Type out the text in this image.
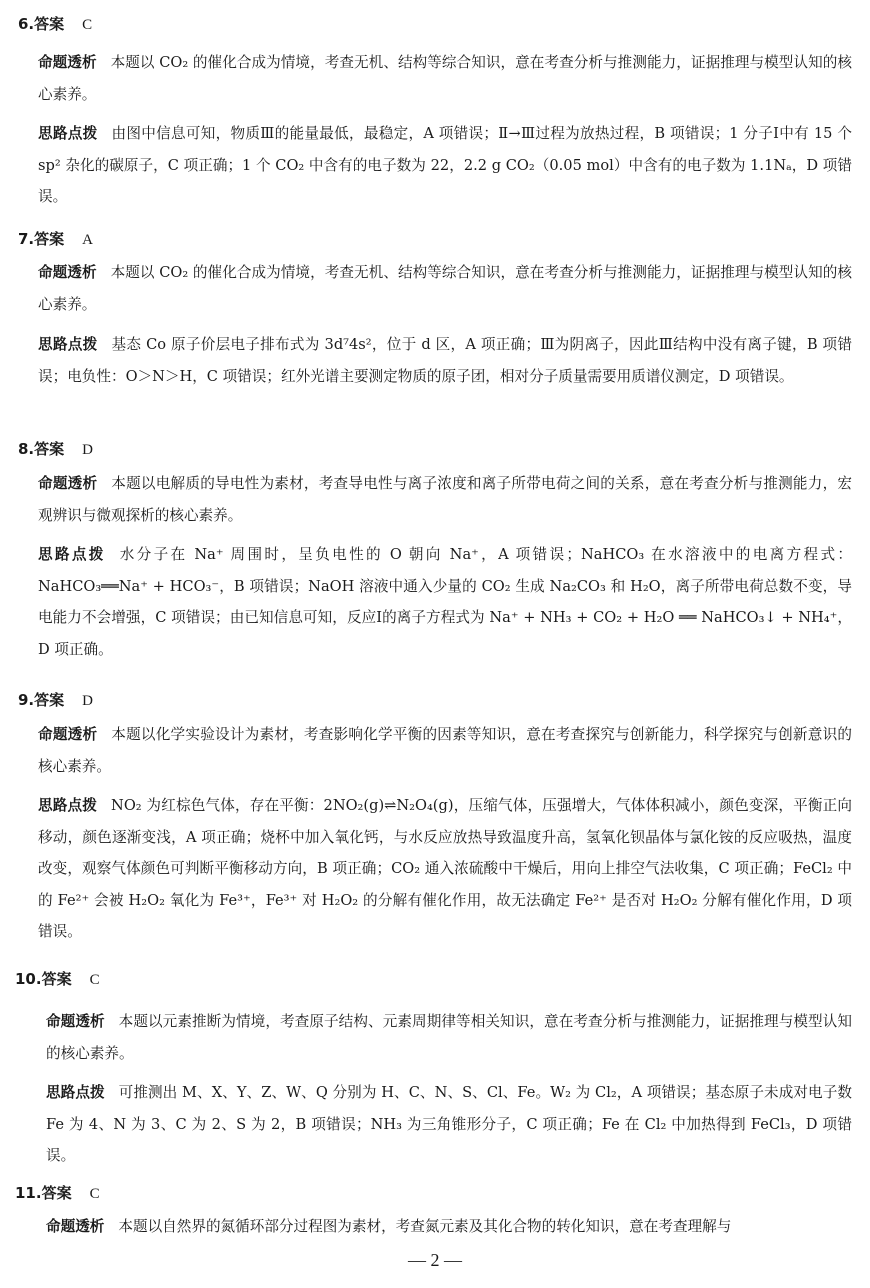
6.答案 C

命题透析 本题以 CO₂ 的催化合成为情境，考查无机、结构等综合知识，意在考查分析与推测能力，证据推理与模型认知的核心素养。

思路点拨 由图中信息可知，物质Ⅲ的能量最低，最稳定，A 项错误；Ⅱ→Ⅲ过程为放热过程，B 项错误；1 分子Ⅰ中有 15 个 sp² 杂化的碳原子，C 项正确；1 个 CO₂ 中含有的电子数为 22，2.2 g CO₂（0.05 mol）中含有的电子数为 1.1Nₐ，D 项错误。

7.答案 A

命题透析 本题以 CO₂ 的催化合成为情境，考查无机、结构等综合知识，意在考查分析与推测能力，证据推理与模型认知的核心素养。

思路点拨 基态 Co 原子价层电子排布式为 3d⁷4s²，位于 d 区，A 项正确；Ⅲ为阴离子，因此Ⅲ结构中没有离子键，B 项错误；电负性：O＞N＞H，C 项错误；红外光谱主要测定物质的原子团，相对分子质量需要用质谱仪测定，D 项错误。

8.答案 D

命题透析 本题以电解质的导电性为素材，考查导电性与离子浓度和离子所带电荷之间的关系，意在考查分析与推测能力，宏观辨识与微观探析的核心素养。

思路点拨 水分子在 Na⁺ 周围时，呈负电性的 O 朝向 Na⁺，A 项错误；NaHCO₃ 在水溶液中的电离方程式：NaHCO₃══Na⁺ + HCO₃⁻，B 项错误；NaOH 溶液中通入少量的 CO₂ 生成 Na₂CO₃ 和 H₂O，离子所带电荷总数不变，导电能力不会增强，C 项错误；由已知信息可知，反应Ⅰ的离子方程式为 Na⁺ + NH₃ + CO₂ + H₂O ══ NaHCO₃↓ + NH₄⁺，D 项正确。

9.答案 D

命题透析 本题以化学实验设计为素材，考查影响化学平衡的因素等知识，意在考查探究与创新能力，科学探究与创新意识的核心素养。

思路点拨 NO₂ 为红棕色气体，存在平衡：2NO₂(g)⇌N₂O₄(g)，压缩气体，压强增大，气体体积减小，颜色变深，平衡正向移动，颜色逐渐变浅，A 项正确；烧杯中加入氧化钙，与水反应放热导致温度升高，氢氧化钡晶体与氯化铵的反应吸热，温度改变，观察气体颜色可判断平衡移动方向，B 项正确；CO₂ 通入浓硫酸中干燥后，用向上排空气法收集，C 项正确；FeCl₂ 中的 Fe²⁺ 会被 H₂O₂ 氧化为 Fe³⁺，Fe³⁺ 对 H₂O₂ 的分解有催化作用，故无法确定 Fe²⁺ 是否对 H₂O₂ 分解有催化作用，D 项错误。

10.答案 C

命题透析 本题以元素推断为情境，考查原子结构、元素周期律等相关知识，意在考查分析与推测能力，证据推理与模型认知的核心素养。

思路点拨 可推测出 M、X、Y、Z、W、Q 分别为 H、C、N、S、Cl、Fe。W₂ 为 Cl₂，A 项错误；基态原子未成对电子数 Fe 为 4、N 为 3、C 为 2、S 为 2，B 项错误；NH₃ 为三角锥形分子，C 项正确；Fe 在 Cl₂ 中加热得到 FeCl₃，D 项错误。

11.答案 C

命题透析 本题以自然界的氮循环部分过程图为素材，考查氮元素及其化合物的转化知识，意在考查理解与

— 2 —
